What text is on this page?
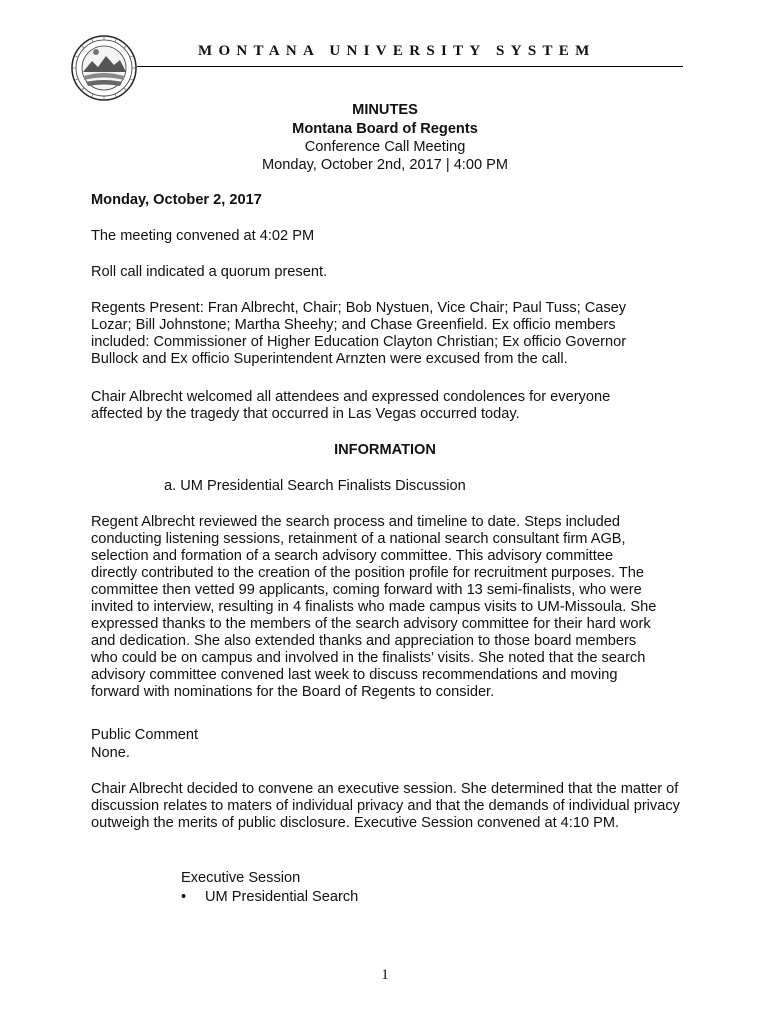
MONTANA UNIVERSITY SYSTEM
MINUTES
Montana Board of Regents
Conference Call Meeting
Monday, October 2nd, 2017 | 4:00 PM

Monday, October 2, 2017

The meeting convened at 4:02 PM

Roll call indicated a quorum present.

Regents Present: Fran Albrecht, Chair; Bob Nystuen, Vice Chair; Paul Tuss; Casey Lozar; Bill Johnstone; Martha Sheehy; and Chase Greenfield. Ex officio members included: Commissioner of Higher Education Clayton Christian; Ex officio Governor Bullock and Ex officio Superintendent Arnzten were excused from the call.

Chair Albrecht welcomed all attendees and expressed condolences for everyone affected by the tragedy that occurred in Las Vegas occurred today.

INFORMATION

a. UM Presidential Search Finalists Discussion

Regent Albrecht reviewed the search process and timeline to date. Steps included conducting listening sessions, retainment of a national search consultant firm AGB, selection and formation of a search advisory committee. This advisory committee directly contributed to the creation of the position profile for recruitment purposes. The committee then vetted 99 applicants, coming forward with 13 semi-finalists, who were invited to interview, resulting in 4 finalists who made campus visits to UM-Missoula. She expressed thanks to the members of the search advisory committee for their hard work and dedication. She also extended thanks and appreciation to those board members who could be on campus and involved in the finalists’ visits. She noted that the search advisory committee convened last week to discuss recommendations and moving forward with nominations for the Board of Regents to consider.

Public Comment

None.

Chair Albrecht decided to convene an executive session. She determined that the matter of discussion relates to maters of individual privacy and that the demands of individual privacy outweigh the merits of public disclosure. Executive Session convened at 4:10 PM.

Executive Session

•	UM Presidential Search
1
